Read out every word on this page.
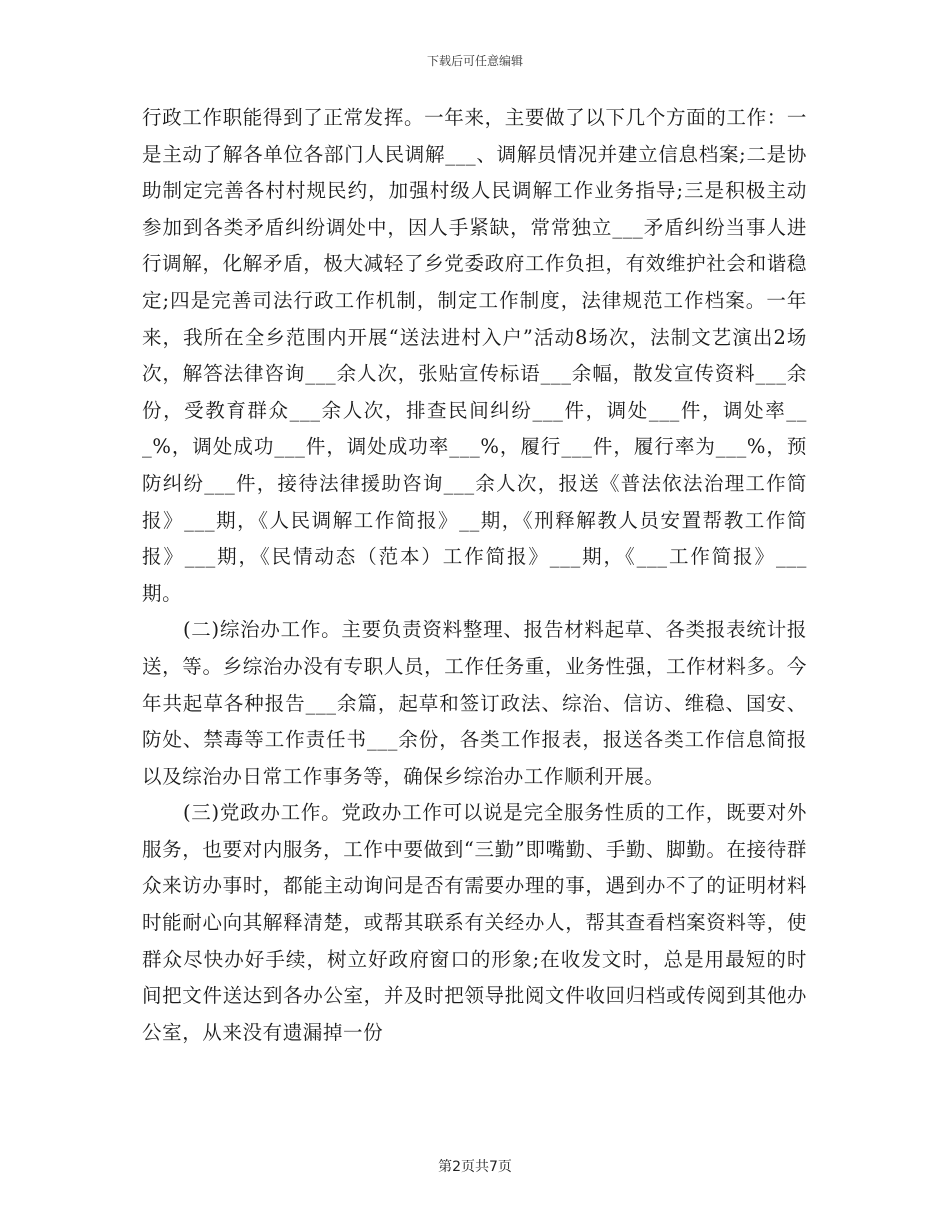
下载后可任意编辑

行政工作职能得到了正常发挥。一年来，主要做了以下几个方面的工作：一是主动了解各单位各部门人民调解___、调解员情况并建立信息档案;二是协助制定完善各村村规民约，加强村级人民调解工作业务指导;三是积极主动参加到各类矛盾纠纷调处中，因人手紧缺，常常独立___矛盾纠纷当事人进行调解，化解矛盾，极大减轻了乡党委政府工作负担，有效维护社会和谐稳定;四是完善司法行政工作机制，制定工作制度，法律规范工作档案。一年来，我所在全乡范围内开展“送法进村入户”活动8场次，法制文艺演出2场次，解答法律咨询___余人次，张贴宣传标语___余幅，散发宣传资料___余份，受教育群众___余人次，排查民间纠纷___件，调处___件，调处率___%，调处成功___件，调处成功率___%，履行___件，履行率为___%，预防纠纷___件，接待法律援助咨询___余人次，报送《普法依法治理工作简报》___期，《人民调解工作简报》__期，《刑释解教人员安置帮教工作简报》___期，《民情动态（范本）工作简报》___期，《___工作简报》___期。

(二)综治办工作。主要负责资料整理、报告材料起草、各类报表统计报送，等。乡综治办没有专职人员，工作任务重，业务性强，工作材料多。今年共起草各种报告___余篇，起草和签订政法、综治、信访、维稳、国安、防处、禁毒等工作责任书___余份，各类工作报表，报送各类工作信息简报以及综治办日常工作事务等，确保乡综治办工作顺利开展。

(三)党政办工作。党政办工作可以说是完全服务性质的工作，既要对外服务，也要对内服务，工作中要做到“三勤”即嘴勤、手勤、脚勤。在接待群众来访办事时，都能主动询问是否有需要办理的事，遇到办不了的证明材料时能耐心向其解释清楚，或帮其联系有关经办人，帮其查看档案资料等，使群众尽快办好手续，树立好政府窗口的形象;在收发文时，总是用最短的时间把文件送达到各办公室，并及时把领导批阅文件收回归档或传阅到其他办公室，从来没有遗漏掉一份

第2页共7页
